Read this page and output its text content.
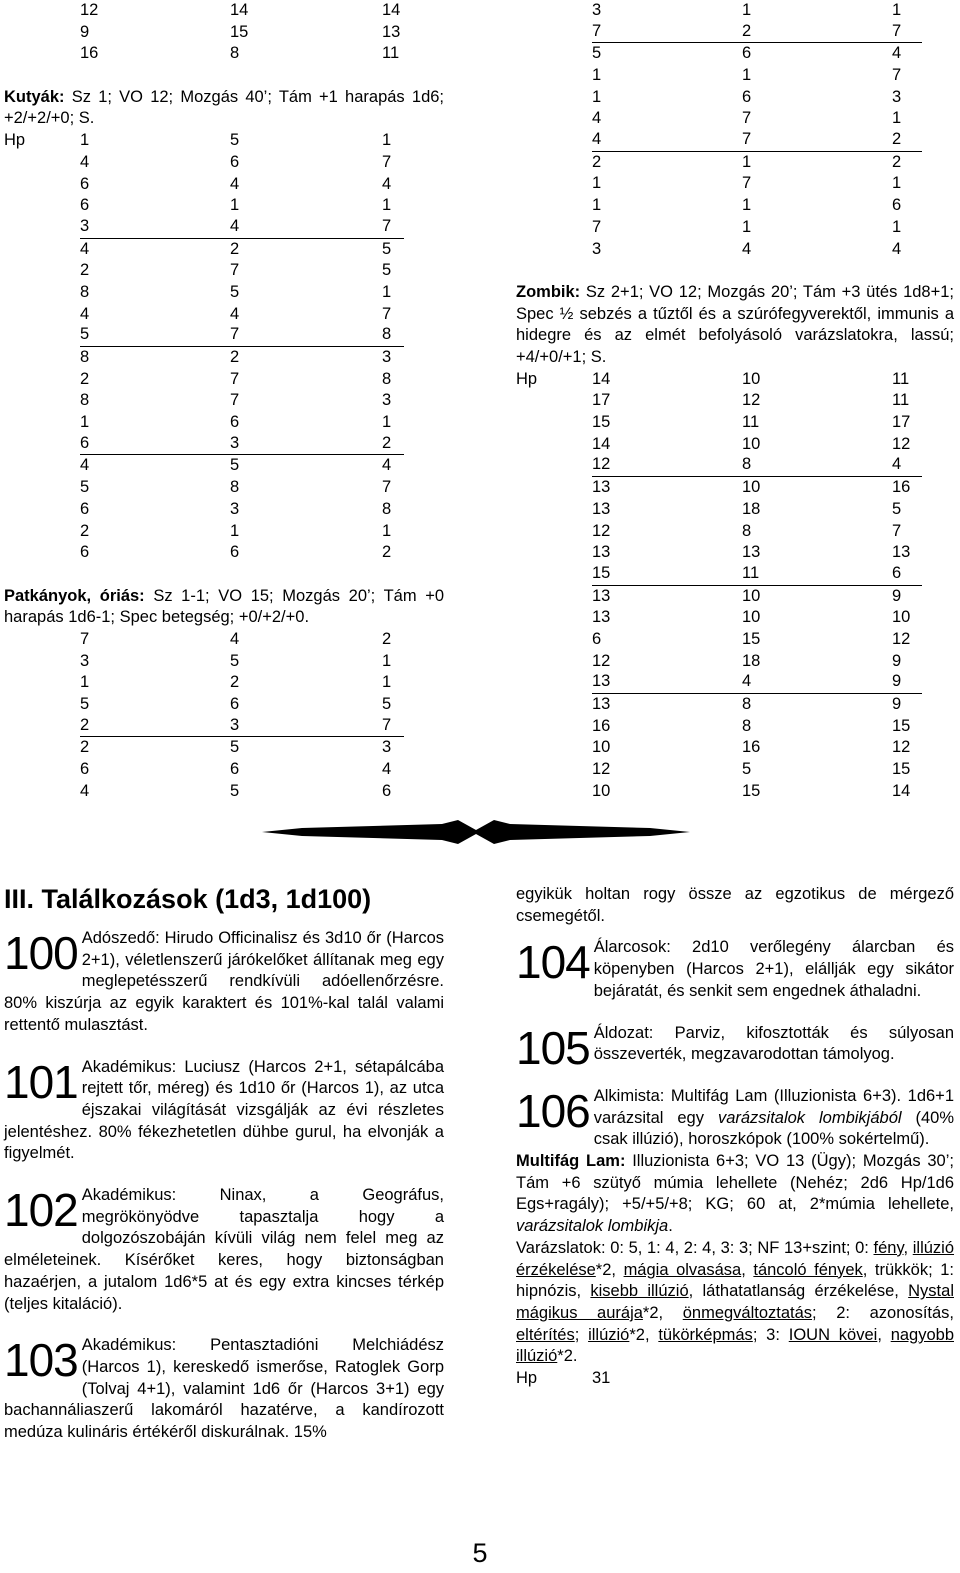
12	14	14
9	15	13
16	8	11

Kutyák: Sz 1; VO 12; Mozgás 40’; Tám +1 harapás 1d6; +2/+2/+0; S.

Hp	1	5	1
4	6	7
6	4	4
6	1	1
3	4	7
4	2	5
2	7	5
8	5	1
4	4	7
5	7	8
8	2	3
2	7	8
8	7	3
1	6	1
6	3	2
4	5	4
5	8	7
6	3	8
2	1	1
6	6	2

Patkányok, óriás: Sz 1-1; VO 15; Mozgás 20’; Tám +0 harapás 1d6-1; Spec betegség; +0/+2/+0.

7	4	2
3	5	1
1	2	1
5	6	5
2	3	7
2	5	3
6	6	4
4	5	6
3	1	1
7	2	7
5	6	4
1	1	7
1	6	3
4	7	1
4	7	2
2	1	2
1	7	1
1	1	6
7	1	1
3	4	4

Zombik: Sz 2+1; VO 12; Mozgás 20’; Tám +3 ütés 1d8+1; Spec ½ sebzés a tűztől és a szúrófegyverektől, immunis a hidegre és az elmét befolyásoló varázslatokra, lassú; +4/+0/+1; S.

Hp	14	10	11
17	12	11
15	11	17
14	10	12
12	8	4
13	10	16
13	18	5
12	8	7
13	13	13
15	11	6
13	10	9
13	10	10
6	15	12
12	18	9
13	4	9
13	8	9
16	8	15
10	16	12
12	5	15
10	15	14

III. Találkozások (1d3, 1d100)

100 Adószedő: Hirudo Officinalisz és 3d10 őr (Harcos 2+1), véletlenszerű járókelőket állítanak meg egy meglepetésszerű rendkívüli adóellenőrzésre. 80% kiszúrja az egyik karaktert és 101%-kal talál valami rettentő mulasztást.

101 Akadémikus: Luciusz (Harcos 2+1, sétapálcába rejtett tőr, méreg) és 1d10 őr (Harcos 1), az utca éjszakai világítását vizsgálják az évi részletes jelentéshez. 80% fékezhetetlen dühbe gurul, ha elvonják a figyelmét.

102 Akadémikus: Ninax, a Geográfus, megrökönyödve tapasztalja hogy a dolgozószobáján kívüli világ nem felel meg az elméleteinek. Kísérőket keres, hogy biztonságban hazaérjen, a jutalom 1d6*5 at és egy extra kincses térkép (teljes kitaláció).

103 Akadémikus: Pentasztadióni Melchiádész (Harcos 1), kereskedő ismerőse, Ratoglek Gorp (Tolvaj 4+1), valamint 1d6 őr (Harcos 3+1) egy bachannáliaszerű lakomáról hazatérve, a kandírozott medúza kulináris értékéről diskurálnak. 15%

egyikük holtan rogy össze az egzotikus de mérgező csemegétől.

104 Álarcosok: 2d10 verőlegény álarcban és köpenyben (Harcos 2+1), elállják egy sikátor bejáratát, és senkit sem engednek áthaladni.

105 Áldozat: Parviz, kifosztották és súlyosan összeverték, megzavarodottan támolyog.

106 Alkimista: Multifág Lam (Illuzionista 6+3). 1d6+1 varázsital egy varázsitalok lombikjából (40% csak illúzió), horoszkópok (100% sokértelmű).

Multifág Lam: Illuzionista 6+3; VO 13 (Ügy); Mozgás 30’; Tám +6 szütyő múmia lehellete (Nehéz; 2d6 Hp/1d6 Egs+ragály); +5/+5/+8; KG; 60 at, 2*múmia lehellete, varázsitalok lombikja.

Varázslatok: 0: 5, 1: 4, 2: 4, 3: 3; NF 13+szint; 0: fény, illúzió érzékelése*2, mágia olvasása, táncoló fények, trükkök; 1: hipnózis, kisebb illúzió, láthatatlanság érzékelése, Nystal mágikus aurája*2, önmegváltoztatás; 2: azonosítás, eltérítés; illúzió*2, tükörképmás; 3: IOUN kövei, nagyobb illúzió*2.

Hp	31
5
